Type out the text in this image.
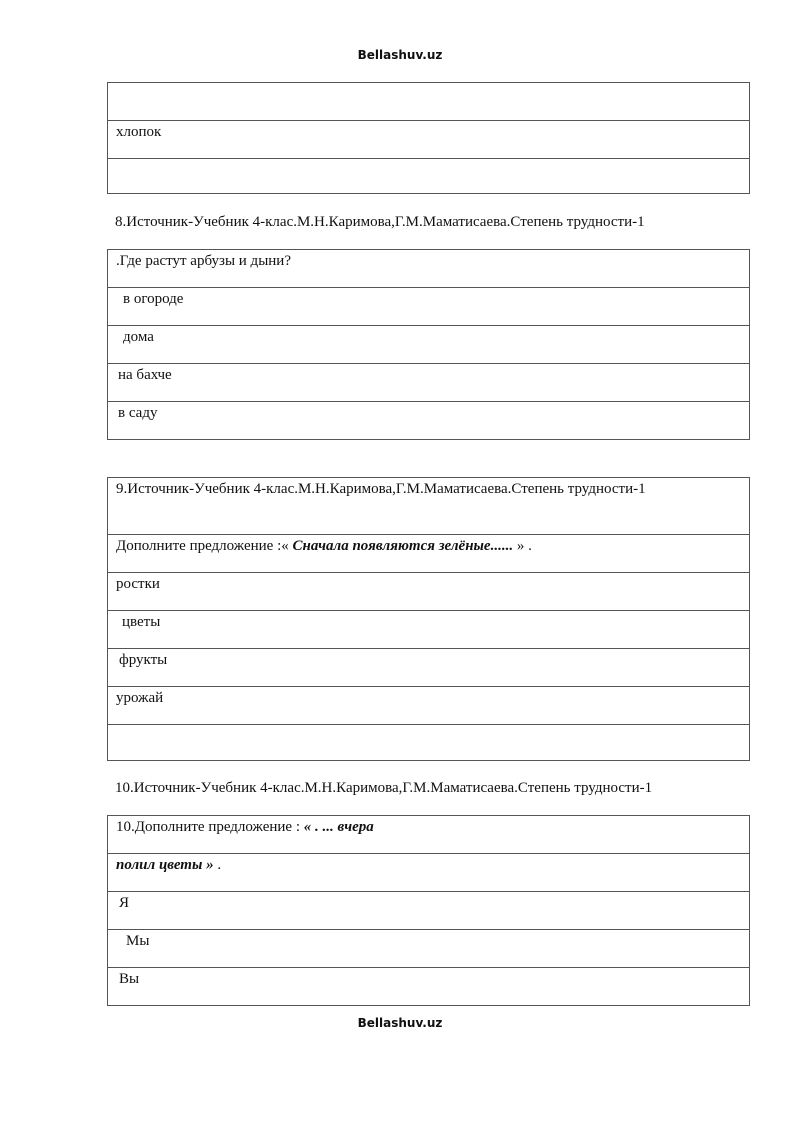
Bellashuv.uz
хлопок
8.Источник-Учебник 4-клас.М.Н.Каримова,Г.М.Маматисаева.Степень трудности-1
.Где растут арбузы и дыни?
в огороде
дома
на бахче
в саду
9.Источник-Учебник 4-клас.М.Н.Каримова,Г.М.Маматисаева.Степень трудности-1
Дополните предложение :« Сначала появляются зелёные...... » .
ростки
цветы
фрукты
урожай
10.Источник-Учебник 4-клас.М.Н.Каримова,Г.М.Маматисаева.Степень трудности-1
10.Дополните предложение : « . ... вчера
полил цветы » .
Я
Мы
Вы
Bellashuv.uz
